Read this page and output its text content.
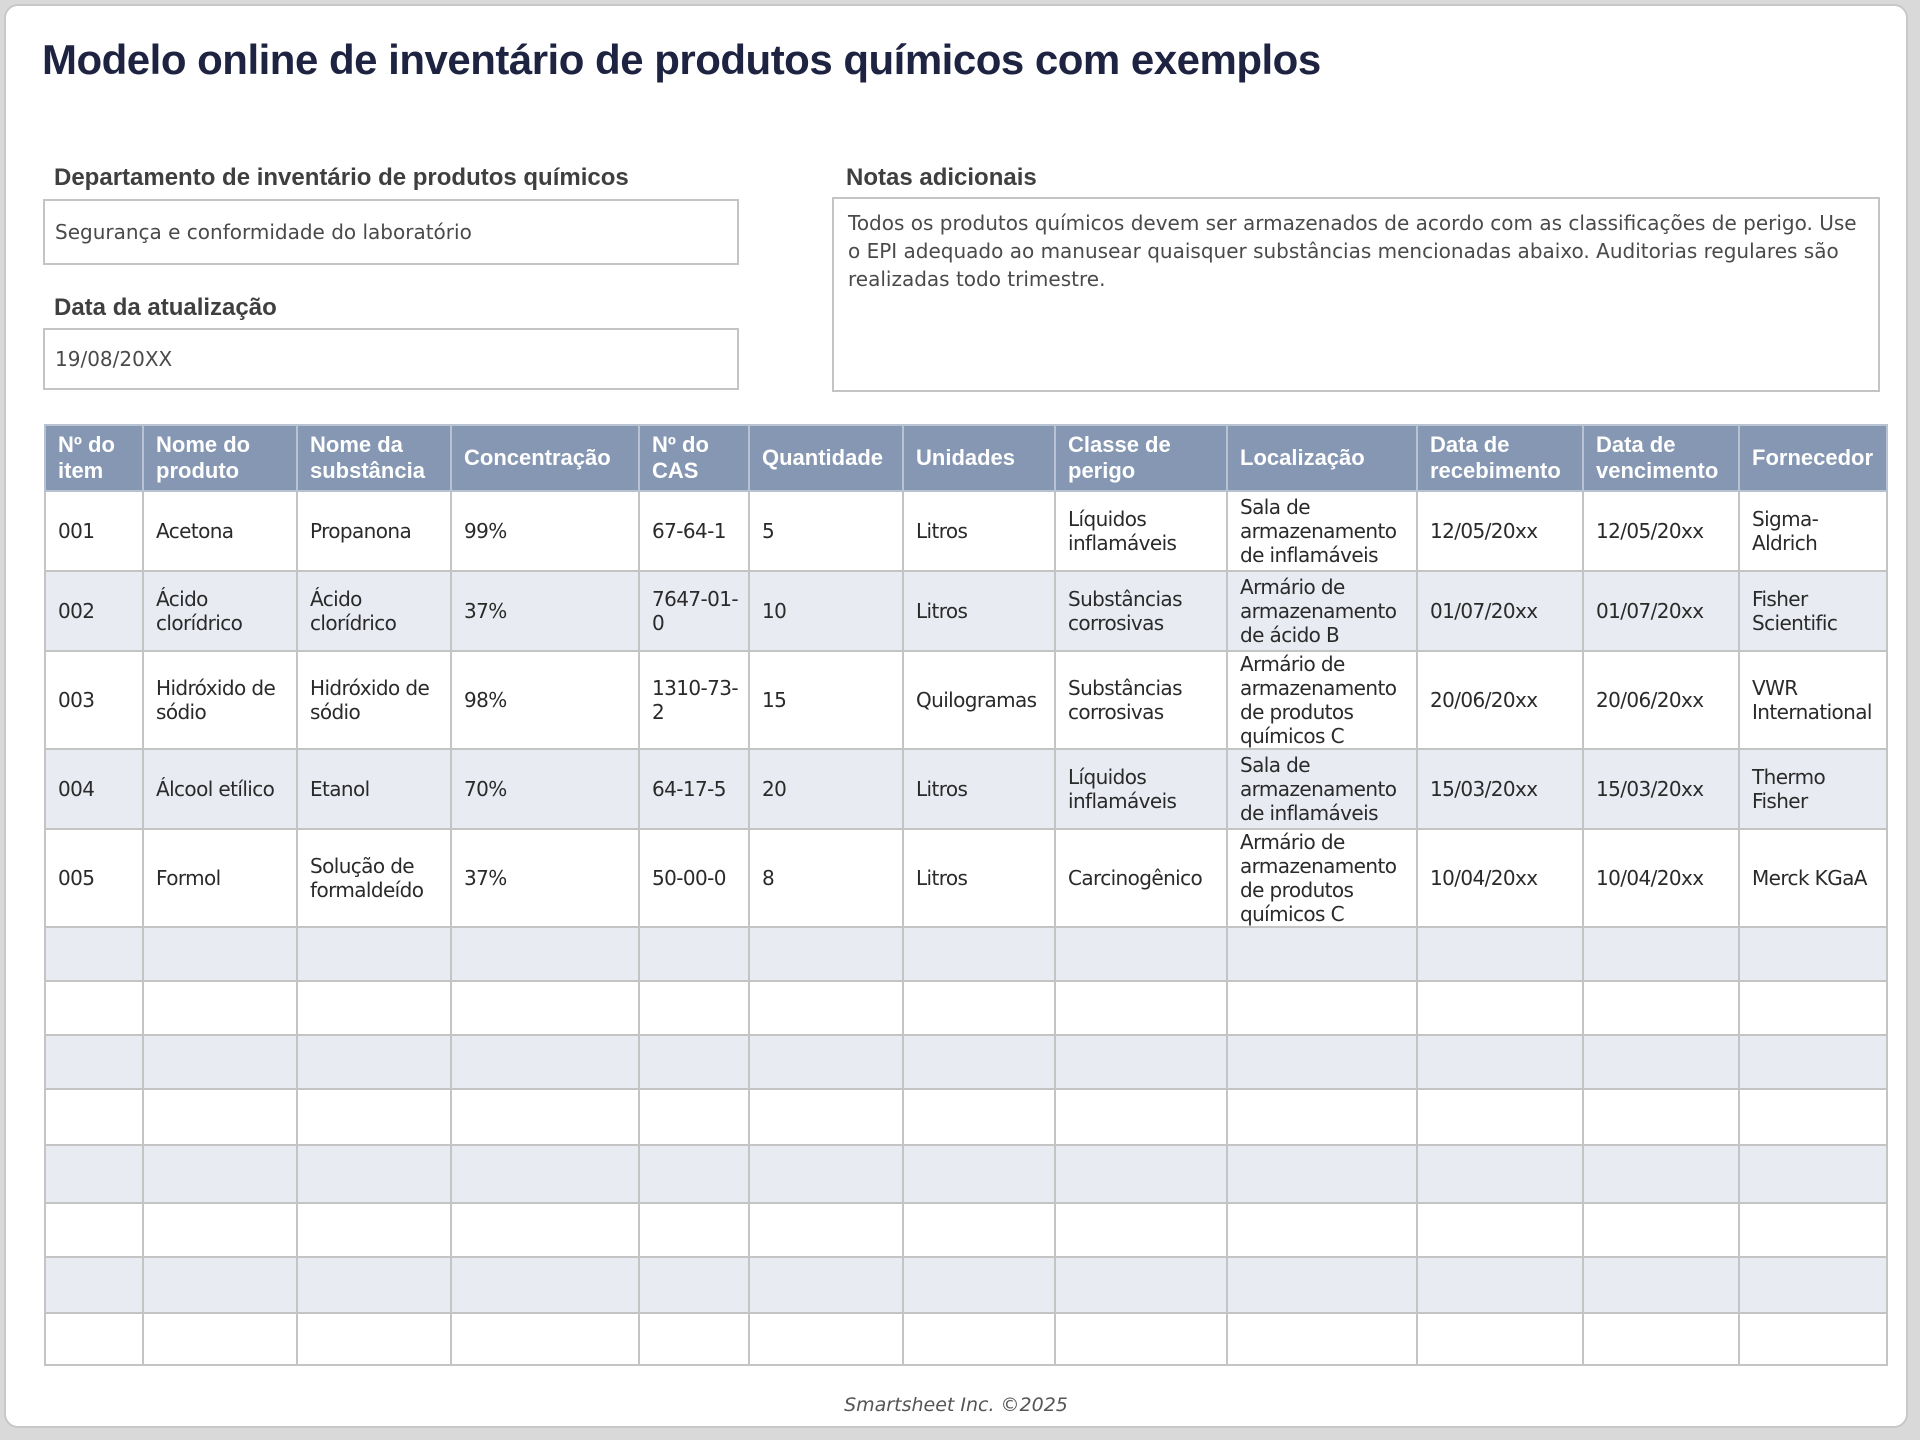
Modelo online de inventário de produtos químicos com exemplos
Departamento de inventário de produtos químicos
Segurança e conformidade do laboratório
Data da atualização
19/08/20XX
Notas adicionais
Todos os produtos químicos devem ser armazenados de acordo com as classificações de perigo. Use o EPI adequado ao manusear quaisquer substâncias mencionadas abaixo. Auditorias regulares são realizadas todo trimestre.
Nº do item	Nome do produto	Nome da substância	Concentração	Nº do CAS	Quantidade	Unidades	Classe de perigo	Localização	Data de recebimento	Data de vencimento	Fornecedor
001	Acetona	Propanona	99%	67-64-1	5	Litros	Líquidos inflamáveis	Sala de armazenamento de inflamáveis	12/05/20xx	12/05/20xx	Sigma-Aldrich
002	Ácido clorídrico	Ácido clorídrico	37%	7647-01-0	10	Litros	Substâncias corrosivas	Armário de armazenamento de ácido B	01/07/20xx	01/07/20xx	Fisher Scientific
003	Hidróxido de sódio	Hidróxido de sódio	98%	1310-73-2	15	Quilogramas	Substâncias corrosivas	Armário de armazenamento de produtos químicos C	20/06/20xx	20/06/20xx	VWR International
004	Álcool etílico	Etanol	70%	64-17-5	20	Litros	Líquidos inflamáveis	Sala de armazenamento de inflamáveis	15/03/20xx	15/03/20xx	Thermo Fisher
005	Formol	Solução de formaldeído	37%	50-00-0	8	Litros	Carcinogênico	Armário de armazenamento de produtos químicos C	10/04/20xx	10/04/20xx	Merck KGaA

Smartsheet Inc. ©2025
